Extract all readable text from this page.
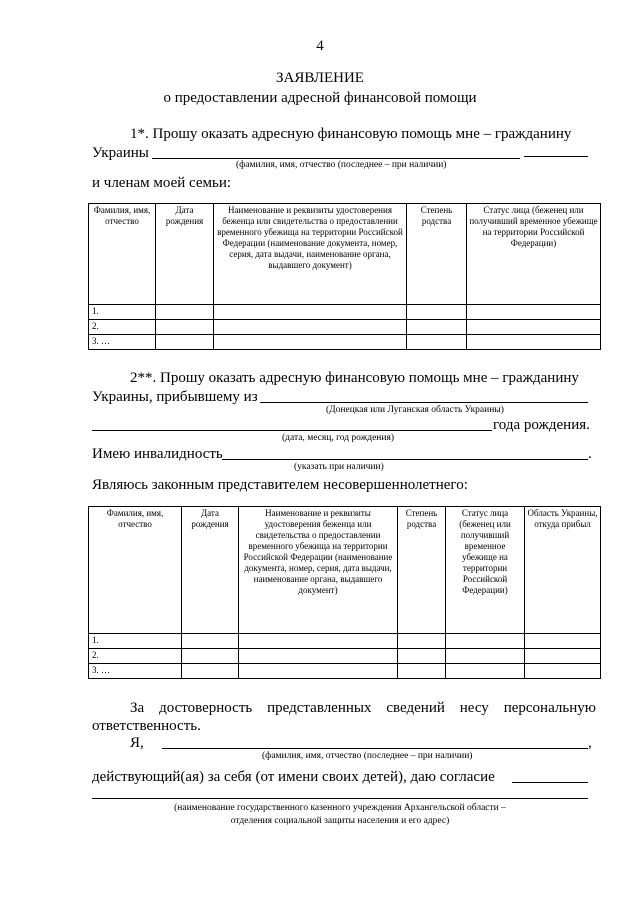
4
ЗАЯВЛЕНИЕ
о предоставлении адресной финансовой помощи
1*. Прошу оказать адресную финансовую помощь мне – гражданину
Украины
(фамилия, имя, отчество (последнее – при наличии)
и членам моей семьи:
Фамилия, имя, отчество	Дата рождения	Наименование и реквизиты удостоверения беженца или свидетельства о предоставлении временного убежища на территории Российской Федерации (наименование документа, номер, серия, дата выдачи, наименование органа, выдавшего документ)	Степень родства	Статус лица (беженец или получивший временное убежище на территории Российской Федерации)
1.				
2.				
3. …				
2**. Прошу оказать адресную финансовую помощь мне – гражданину
Украины, прибывшему из
(Донецкая или Луганская область Украины)
года рождения.
(дата, месяц, год рождения)
Имею инвалидность	.
(указать при наличии)
Являюсь законным представителем несовершеннолетнего:
Фамилия, имя, отчество	Дата рождения	Наименование и реквизиты удостоверения беженца или свидетельства о предоставлении временного убежища на территории Российской Федерации (наименование документа, номер, серия, дата выдачи, наименование органа, выдавшего документ)	Степень родства	Статус лица (беженец или получивший временное убежище на территории Российской Федерации)	Область Украины, откуда прибыл
1.					
2.					
3. …					
За достоверность представленных сведений несу персональную
ответственность.
Я,	,
(фамилия, имя, отчество (последнее – при наличии)
действующий(ая) за себя (от имени своих детей), даю согласие
(наименование государственного казенного учреждения Архангельской области –
отделения социальной защиты населения и его адрес)
